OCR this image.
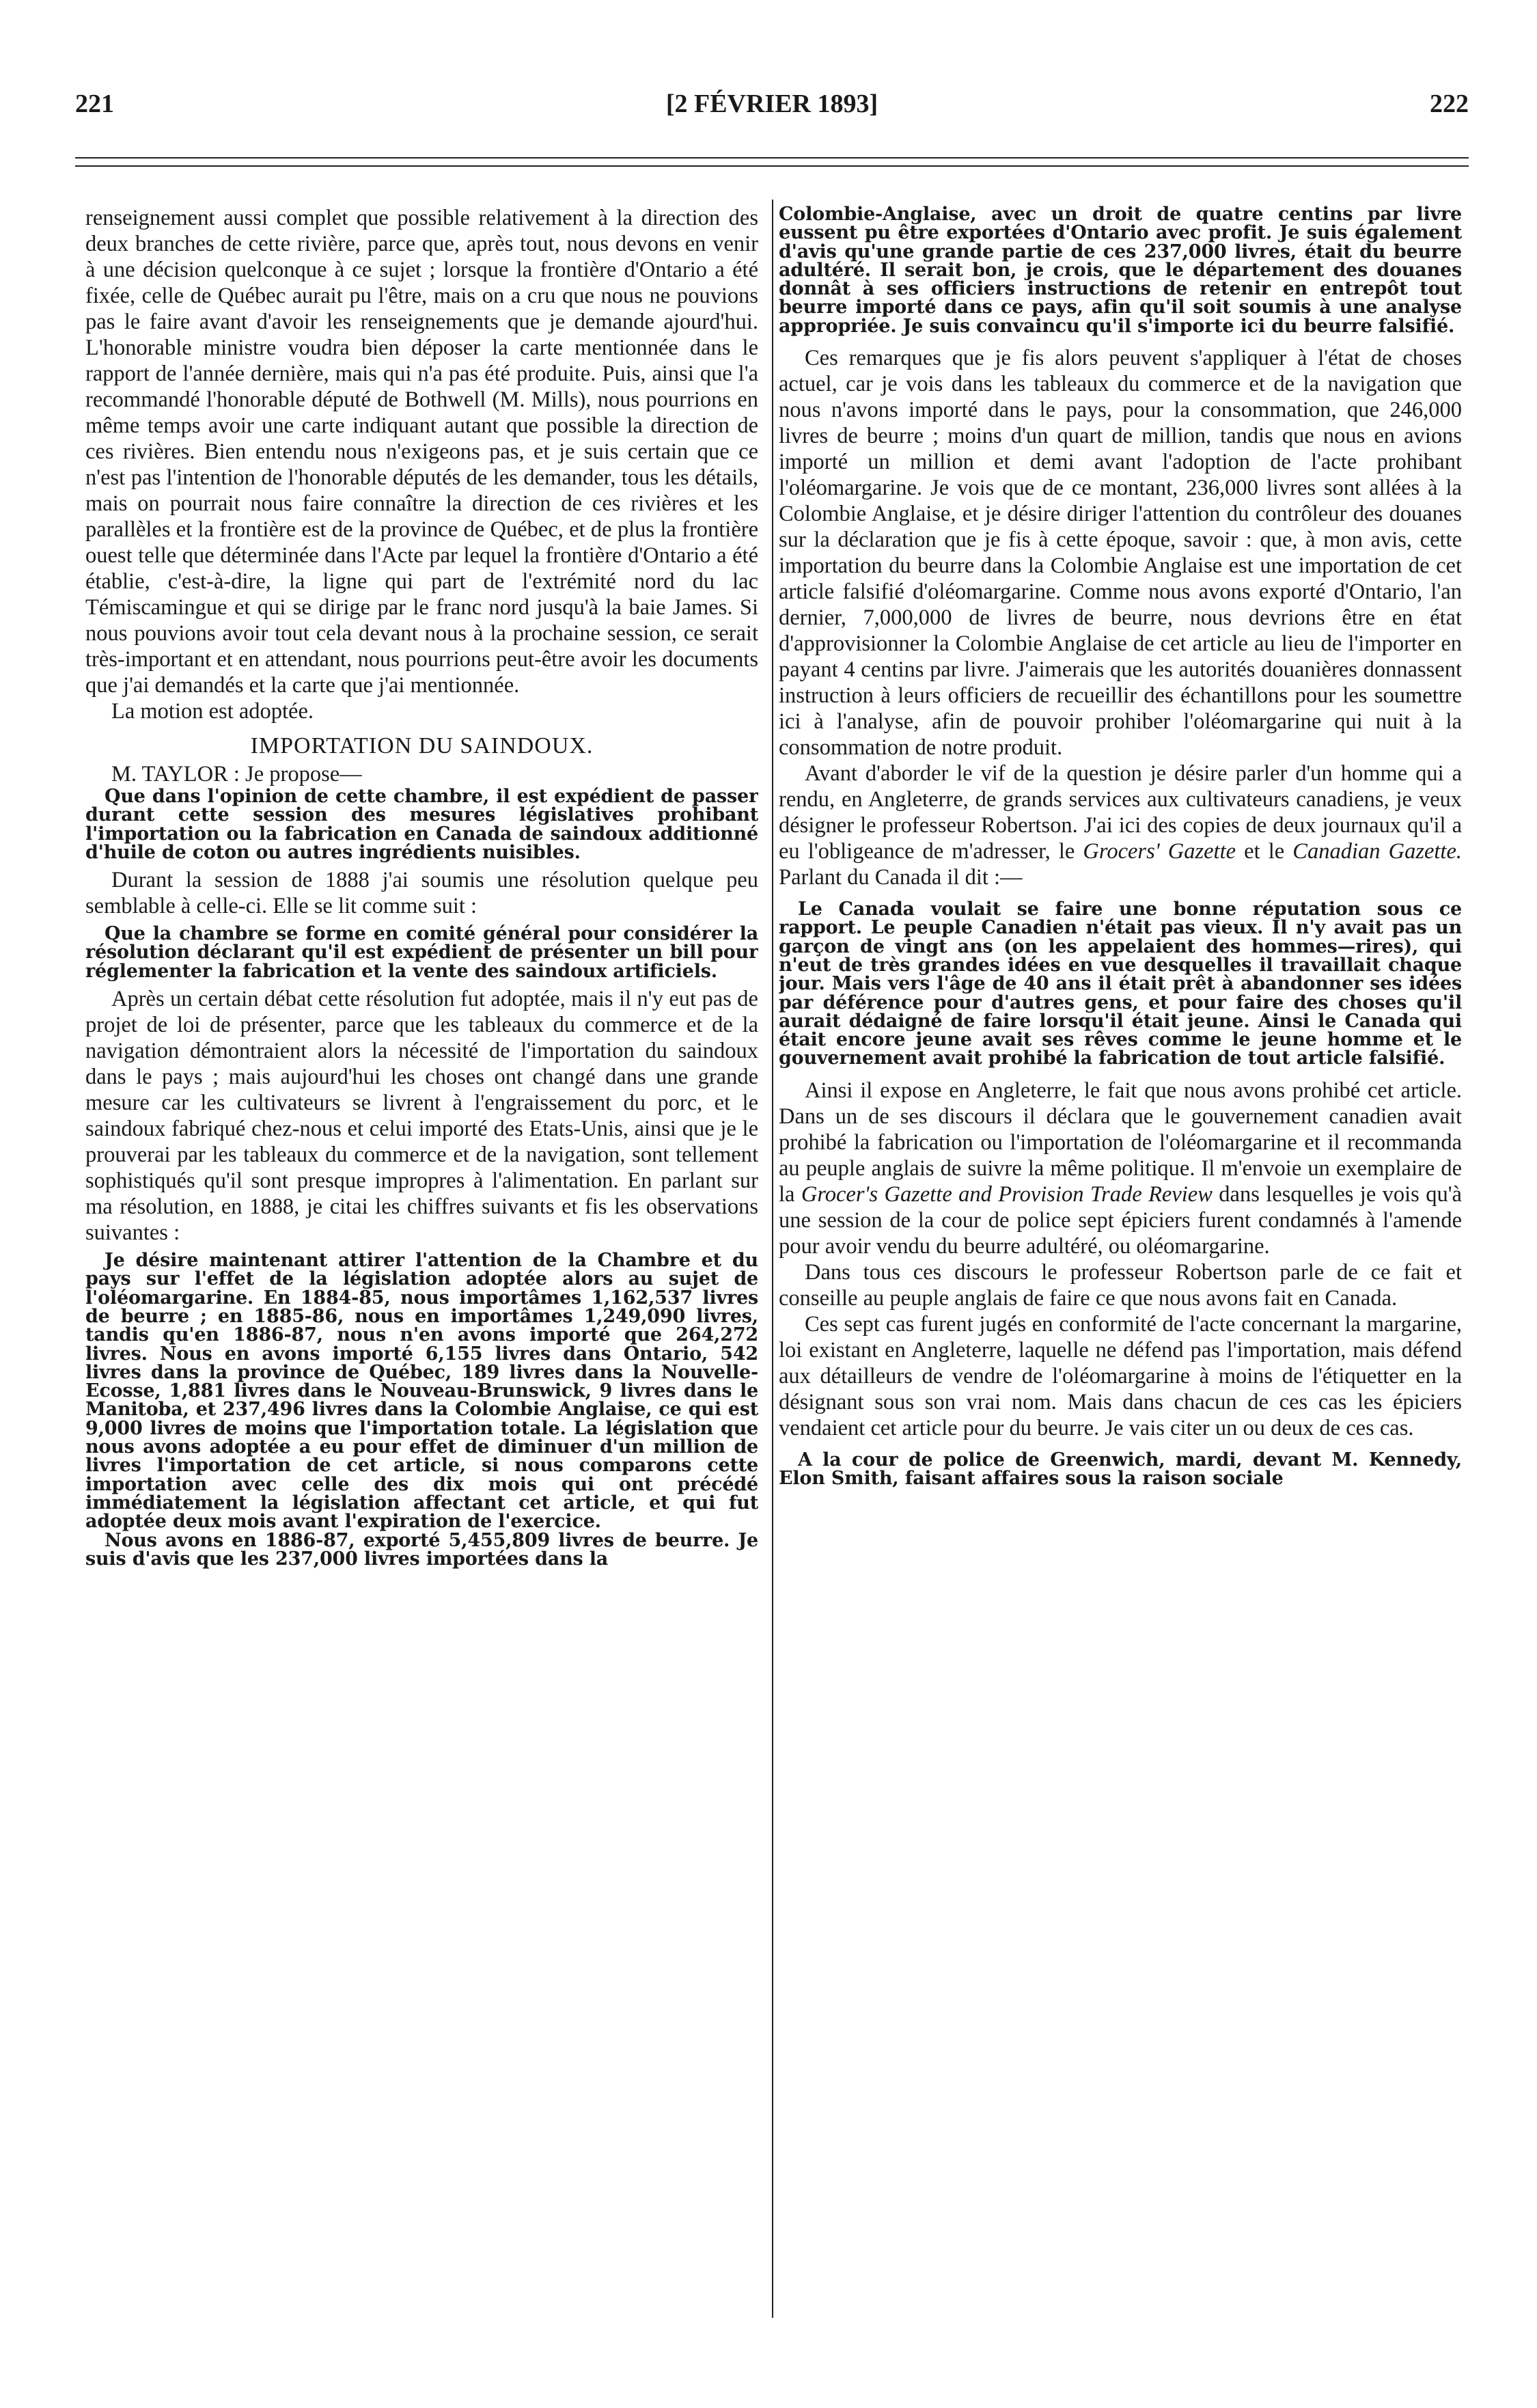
221	[2 FÉVRIER 1893]	222

renseignement aussi complet que possible relativement à la direction des deux branches de cette rivière, parce que, après tout, nous devons en venir à une décision quelconque à ce sujet ; lorsque la frontière d'Ontario a été fixée, celle de Québec aurait pu l'être, mais on a cru que nous ne pouvions pas le faire avant d'avoir les renseignements que je demande ajourd'hui. L'honorable ministre voudra bien déposer la carte mentionnée dans le rapport de l'année dernière, mais qui n'a pas été produite. Puis, ainsi que l'a recommandé l'honorable député de Bothwell (M. Mills), nous pourrions en même temps avoir une carte indiquant autant que possible la direction de ces rivières. Bien entendu nous n'exigeons pas, et je suis certain que ce n'est pas l'intention de l'honorable députés de les demander, tous les détails, mais on pourrait nous faire connaître la direction de ces rivières et les parallèles et la frontière est de la province de Québec, et de plus la frontière ouest telle que déterminée dans l'Acte par lequel la frontière d'Ontario a été établie, c'est-à-dire, la ligne qui part de l'extrémité nord du lac Témiscamingue et qui se dirige par le franc nord jusqu'à la baie James. Si nous pouvions avoir tout cela devant nous à la prochaine session, ce serait très-important et en attendant, nous pourrions peut-être avoir les documents que j'ai demandés et la carte que j'ai mentionnée.

La motion est adoptée.

IMPORTATION DU SAINDOUX.

M. TAYLOR : Je propose—

Que dans l'opinion de cette chambre, il est expédient de passer durant cette session des mesures législatives prohibant l'importation ou la fabrication en Canada de saindoux additionné d'huile de coton ou autres ingrédients nuisibles.

Durant la session de 1888 j'ai soumis une résolution quelque peu semblable à celle-ci. Elle se lit comme suit :

Que la chambre se forme en comité général pour considérer la résolution déclarant qu'il est expédient de présenter un bill pour réglementer la fabrication et la vente des saindoux artificiels.

Après un certain débat cette résolution fut adoptée, mais il n'y eut pas de projet de loi de présenter, parce que les tableaux du commerce et de la navigation démontraient alors la nécessité de l'importation du saindoux dans le pays ; mais aujourd'hui les choses ont changé dans une grande mesure car les cultivateurs se livrent à l'engraissement du porc, et le saindoux fabriqué chez-nous et celui importé des Etats-Unis, ainsi que je le prouverai par les tableaux du commerce et de la navigation, sont tellement sophistiqués qu'il sont presque impropres à l'alimentation. En parlant sur ma résolution, en 1888, je citai les chiffres suivants et fis les observations suivantes :

Je désire maintenant attirer l'attention de la Chambre et du pays sur l'effet de la législation adoptée alors au sujet de l'oléomargarine. En 1884-85, nous importâmes 1,162,537 livres de beurre ; en 1885-86, nous en importâmes 1,249,090 livres, tandis qu'en 1886-87, nous n'en avons importé que 264,272 livres. Nous en avons importé 6,155 livres dans Ontario, 542 livres dans la province de Québec, 189 livres dans la Nouvelle-Ecosse, 1,881 livres dans le Nouveau-Brunswick, 9 livres dans le Manitoba, et 237,496 livres dans la Colombie Anglaise, ce qui est 9,000 livres de moins que l'importation totale. La législation que nous avons adoptée a eu pour effet de diminuer d'un million de livres l'importation de cet article, si nous comparons cette importation avec celle des dix mois qui ont précédé immédiatement la législation affectant cet article, et qui fut adoptée deux mois avant l'expiration de l'exercice.

Nous avons en 1886-87, exporté 5,455,809 livres de beurre. Je suis d'avis que les 237,000 livres importées dans la

Colombie-Anglaise, avec un droit de quatre centins par livre eussent pu être exportées d'Ontario avec profit. Je suis également d'avis qu'une grande partie de ces 237,000 livres, était du beurre adultéré. Il serait bon, je crois, que le département des douanes donnât à ses officiers instructions de retenir en entrepôt tout beurre importé dans ce pays, afin qu'il soit soumis à une analyse appropriée. Je suis convaincu qu'il s'importe ici du beurre falsifié.

Ces remarques que je fis alors peuvent s'appliquer à l'état de choses actuel, car je vois dans les tableaux du commerce et de la navigation que nous n'avons importé dans le pays, pour la consommation, que 246,000 livres de beurre ; moins d'un quart de million, tandis que nous en avions importé un million et demi avant l'adoption de l'acte prohibant l'oléomargarine. Je vois que de ce montant, 236,000 livres sont allées à la Colombie Anglaise, et je désire diriger l'attention du contrôleur des douanes sur la déclaration que je fis à cette époque, savoir : que, à mon avis, cette importation du beurre dans la Colombie Anglaise est une importation de cet article falsifié d'oléomargarine. Comme nous avons exporté d'Ontario, l'an dernier, 7,000,000 de livres de beurre, nous devrions être en état d'approvisionner la Colombie Anglaise de cet article au lieu de l'importer en payant 4 centins par livre. J'aimerais que les autorités douanières donnassent instruction à leurs officiers de recueillir des échantillons pour les soumettre ici à l'analyse, afin de pouvoir prohiber l'oléomargarine qui nuit à la consommation de notre produit.

Avant d'aborder le vif de la question je désire parler d'un homme qui a rendu, en Angleterre, de grands services aux cultivateurs canadiens, je veux désigner le professeur Robertson. J'ai ici des copies de deux journaux qu'il a eu l'obligeance de m'adresser, le Grocers' Gazette et le Canadian Gazette. Parlant du Canada il dit :—

Le Canada voulait se faire une bonne réputation sous ce rapport. Le peuple Canadien n'était pas vieux. Il n'y avait pas un garçon de vingt ans (on les appelaient des hommes—rires), qui n'eut de très grandes idées en vue desquelles il travaillait chaque jour. Mais vers l'âge de 40 ans il était prêt à abandonner ses idées par déférence pour d'autres gens, et pour faire des choses qu'il aurait dédaigné de faire lorsqu'il était jeune. Ainsi le Canada qui était encore jeune avait ses rêves comme le jeune homme et le gouvernement avait prohibé la fabrication de tout article falsifié.

Ainsi il expose en Angleterre, le fait que nous avons prohibé cet article. Dans un de ses discours il déclara que le gouvernement canadien avait prohibé la fabrication ou l'importation de l'oléomargarine et il recommanda au peuple anglais de suivre la même politique. Il m'envoie un exemplaire de la Grocer's Gazette and Provision Trade Review dans lesquelles je vois qu'à une session de la cour de police sept épiciers furent condamnés à l'amende pour avoir vendu du beurre adultéré, ou oléomargarine.

Dans tous ces discours le professeur Robertson parle de ce fait et conseille au peuple anglais de faire ce que nous avons fait en Canada.

Ces sept cas furent jugés en conformité de l'acte concernant la margarine, loi existant en Angleterre, laquelle ne défend pas l'importation, mais défend aux détailleurs de vendre de l'oléomargarine à moins de l'étiquetter en la désignant sous son vrai nom. Mais dans chacun de ces cas les épiciers vendaient cet article pour du beurre. Je vais citer un ou deux de ces cas.

A la cour de police de Greenwich, mardi, devant M. Kennedy, Elon Smith, faisant affaires sous la raison sociale
